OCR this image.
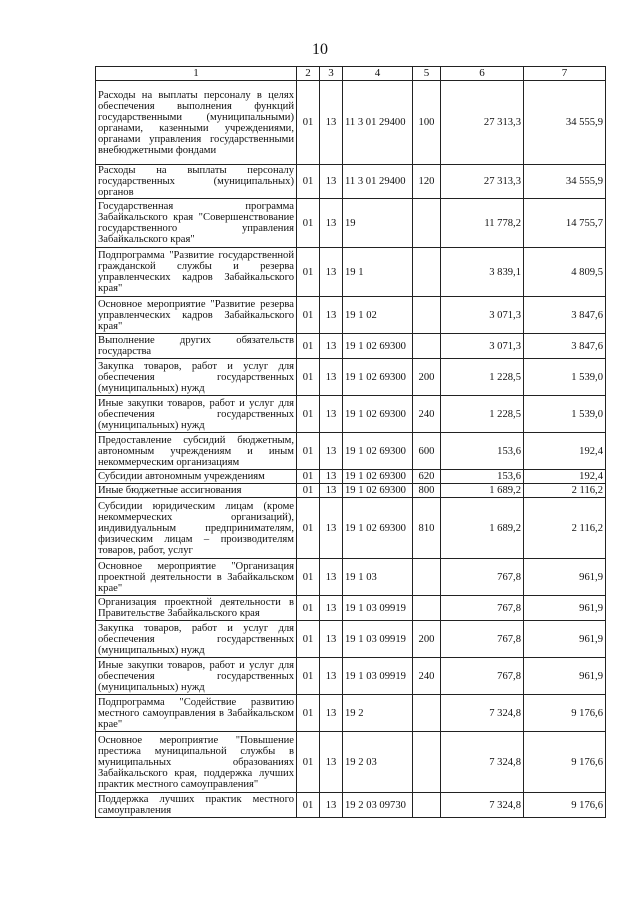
10
1	2	3	4	5	6	7
Расходы на выплаты персоналу в целях обеспечения выполнения функций государственными (муниципальными) органами, казенными учреждениями, органами управления государственными внебюджетными фондами	01	13	11 3 01 29400	100	27 313,3	34 555,9
Расходы на выплаты персоналу государственных (муниципальных) органов	01	13	11 3 01 29400	120	27 313,3	34 555,9
Государственная программа Забайкальского края "Совершенствование государственного управления Забайкальского края"	01	13	19		11 778,2	14 755,7
Подпрограмма "Развитие государственной гражданской службы и резерва управленческих кадров Забайкальского края"	01	13	19 1		3 839,1	4 809,5
Основное мероприятие "Развитие резерва управленческих кадров Забайкальского края"	01	13	19 1 02		3 071,3	3 847,6
Выполнение других обязательств государства	01	13	19 1 02 69300		3 071,3	3 847,6
Закупка товаров, работ и услуг для обеспечения государственных (муниципальных) нужд	01	13	19 1 02 69300	200	1 228,5	1 539,0
Иные закупки товаров, работ и услуг для обеспечения государственных (муниципальных) нужд	01	13	19 1 02 69300	240	1 228,5	1 539,0
Предоставление субсидий бюджетным, автономным учреждениям и иным некоммерческим организациям	01	13	19 1 02 69300	600	153,6	192,4
Субсидии автономным учреждениям	01	13	19 1 02 69300	620	153,6	192,4
Иные бюджетные ассигнования	01	13	19 1 02 69300	800	1 689,2	2 116,2
Субсидии юридическим лицам (кроме некоммерческих организаций), индивидуальным предпринимателям, физическим лицам – производителям товаров, работ, услуг	01	13	19 1 02 69300	810	1 689,2	2 116,2
Основное мероприятие "Организация проектной деятельности в Забайкальском крае"	01	13	19 1 03		767,8	961,9
Организация проектной деятельности в Правительстве Забайкальского края	01	13	19 1 03 09919		767,8	961,9
Закупка товаров, работ и услуг для обеспечения государственных (муниципальных) нужд	01	13	19 1 03 09919	200	767,8	961,9
Иные закупки товаров, работ и услуг для обеспечения государственных (муниципальных) нужд	01	13	19 1 03 09919	240	767,8	961,9
Подпрограмма "Содействие развитию местного самоуправления в Забайкальском крае"	01	13	19 2		7 324,8	9 176,6
Основное мероприятие "Повышение престижа муниципальной службы в муниципальных образованиях Забайкальского края, поддержка лучших практик местного самоуправления"	01	13	19 2 03		7 324,8	9 176,6
Поддержка лучших практик местного самоуправления	01	13	19 2 03 09730		7 324,8	9 176,6
